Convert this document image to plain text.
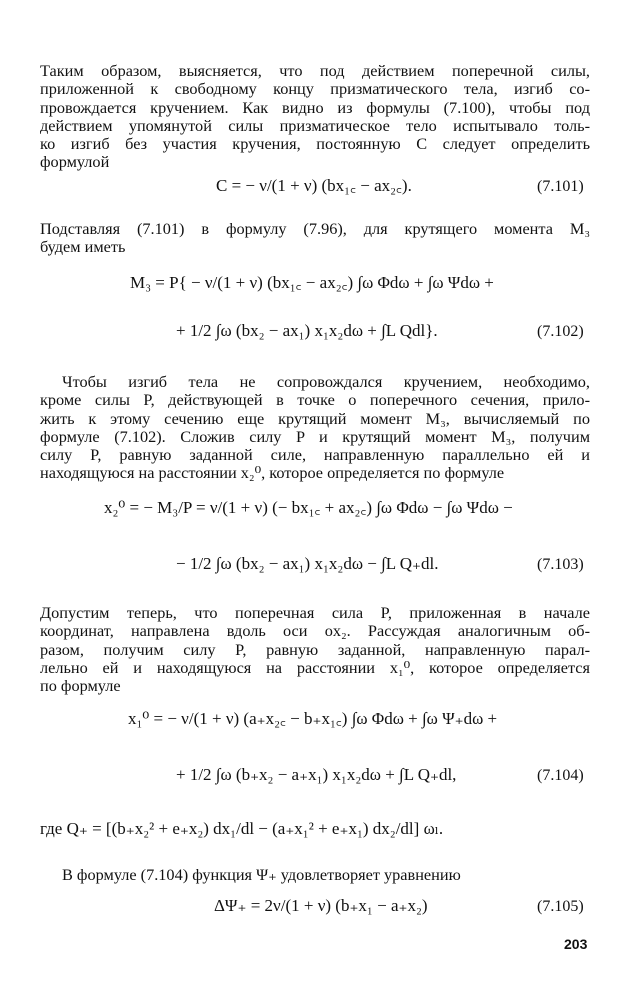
Таким образом, выясняется, что под действием поперечной силы,
приложенной к свободному концу призматического тела, изгиб со-
провождается кручением. Как видно из формулы (7.100), чтобы под
действием упомянутой силы призматическое тело испытывало толь-
ко изгиб без участия кручения, постоянную C следует определить
формулой
C = − ν/(1 + ν) (bx₁꜀ − ax₂꜀).	(7.101)
Подставляя (7.101) в формулу (7.96), для крутящего момента M₃
будем иметь
M₃ = P{ − ν/(1 + ν) (bx₁꜀ − ax₂꜀) ∫ω Φdω + ∫ω Ψdω +
+ 1/2 ∫ω (bx₂ − ax₁) x₁x₂dω + ∫L Qdl}.	(7.102)
Чтобы изгиб тела не сопровождался кручением, необходимо,
кроме силы P, действующей в точке о поперечного сечения, прило-
жить к этому сечению еще крутящий момент M₃, вычисляемый по
формуле (7.102). Сложив силу P и крутящий момент M₃, получим
силу P, равную заданной силе, направленную параллельно ей и
находящуюся на расстоянии x₂⁰, которое определяется по формуле
x₂⁰ = − M₃/P = ν/(1 + ν) (− bx₁꜀ + ax₂꜀) ∫ω Φdω − ∫ω Ψdω −
− 1/2 ∫ω (bx₂ − ax₁) x₁x₂dω − ∫L Q₊dl.	(7.103)
Допустим теперь, что поперечная сила P, приложенная в начале
координат, направлена вдоль оси ox₂. Рассуждая аналогичным об-
разом, получим силу P, равную заданной, направленную парал-
лельно ей и находящуюся на расстоянии x₁⁰, которое определяется
по формуле
x₁⁰ = − ν/(1 + ν) (a₊x₂꜀ − b₊x₁꜀) ∫ω Φdω + ∫ω Ψ₊dω +
+ 1/2 ∫ω (b₊x₂ − a₊x₁) x₁x₂dω + ∫L Q₊dl,	(7.104)
где Q₊ = [(b₊x₂² + e₊x₂) dx₁/dl − (a₊x₁² + e₊x₁) dx₂/dl] ωₗ.
В формуле (7.104) функция Ψ₊ удовлетворяет уравнению
ΔΨ₊ = 2ν/(1 + ν) (b₊x₁ − a₊x₂)	(7.105)
203
